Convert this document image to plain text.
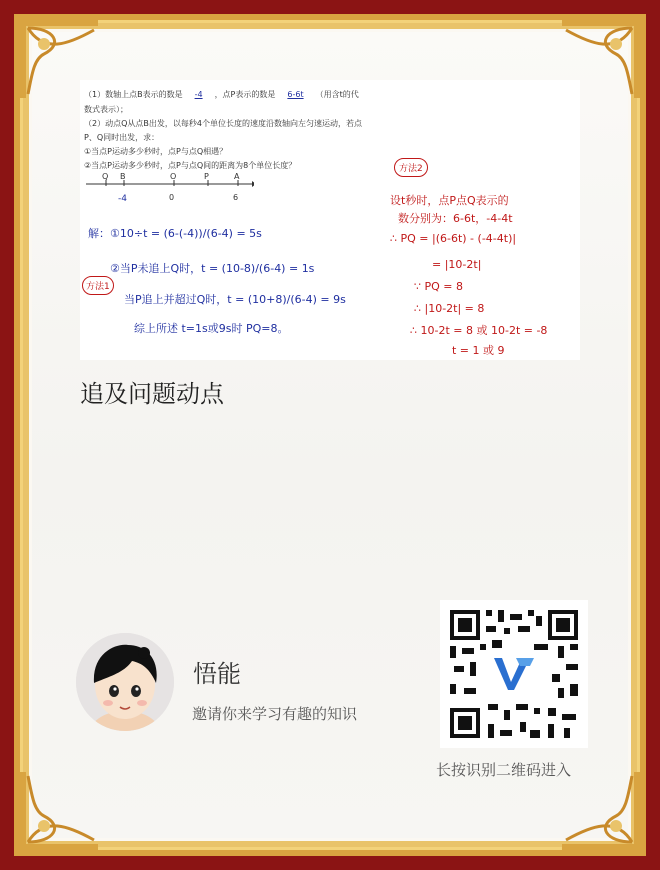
（1）数轴上点B表示的数是 -4 ，点P表示的数是 6-6t （用含t的代
数式表示）；
（2）动点Q从点B出发，以每秒4个单位长度的速度沿数轴向左匀速运动，若点
P、Q同时出发，求：
①当点P运动多少秒时，点P与点Q相遇？
②当点P运动多少秒时，点P与点Q间的距离为8个单位长度？
Q B	O	P	A
-4	0	6
解：①10÷t = (6-(-4))/(6-4) = 5s
方法1
②当P未追上Q时，t = (10-8)/(6-4) = 1s
当P追上并超过Q时，t = (10+8)/(6-4) = 9s
综上所述 t=1s或9s时 PQ=8。
方法2
设t秒时，点P点Q表示的
数分别为：6-6t，-4-4t
∴ PQ = |(6-6t) - (-4-4t)|
= |10-2t|
∵ PQ = 8
∴ |10-2t| = 8
∴ 10-2t = 8 或 10-2t = -8
t = 1 或 9
追及问题动点
悟能
邀请你来学习有趣的知识
长按识别二维码进入
